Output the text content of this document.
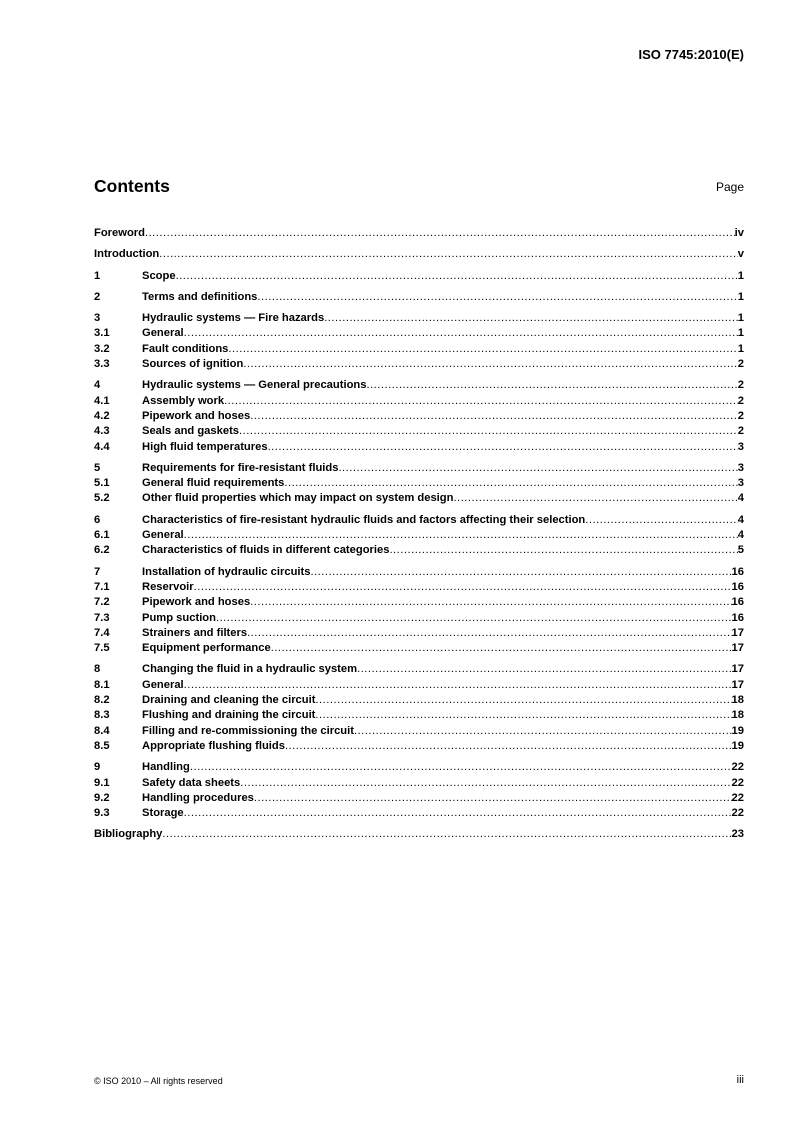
ISO 7745:2010(E)
Contents	Page
Foreword .....	iv
Introduction .....	v
1	Scope .....	1
2	Terms and definitions .....	1
3	Hydraulic systems — Fire hazards .....	1
3.1	General .....	1
3.2	Fault conditions .....	1
3.3	Sources of ignition .....	2
4	Hydraulic systems — General precautions .....	2
4.1	Assembly work .....	2
4.2	Pipework and hoses .....	2
4.3	Seals and gaskets .....	2
4.4	High fluid temperatures .....	3
5	Requirements for fire-resistant fluids .....	3
5.1	General fluid requirements .....	3
5.2	Other fluid properties which may impact on system design .....	4
6	Characteristics of fire-resistant hydraulic fluids and factors affecting their selection .....	4
6.1	General .....	4
6.2	Characteristics of fluids in different categories .....	5
7	Installation of hydraulic circuits .....	16
7.1	Reservoir .....	16
7.2	Pipework and hoses .....	16
7.3	Pump suction .....	16
7.4	Strainers and filters .....	17
7.5	Equipment performance .....	17
8	Changing the fluid in a hydraulic system .....	17
8.1	General .....	17
8.2	Draining and cleaning the circuit .....	18
8.3	Flushing and draining the circuit .....	18
8.4	Filling and re-commissioning the circuit .....	19
8.5	Appropriate flushing fluids .....	19
9	Handling .....	22
9.1	Safety data sheets .....	22
9.2	Handling procedures .....	22
9.3	Storage .....	22
Bibliography .....	23
© ISO 2010 – All rights reserved	iii
